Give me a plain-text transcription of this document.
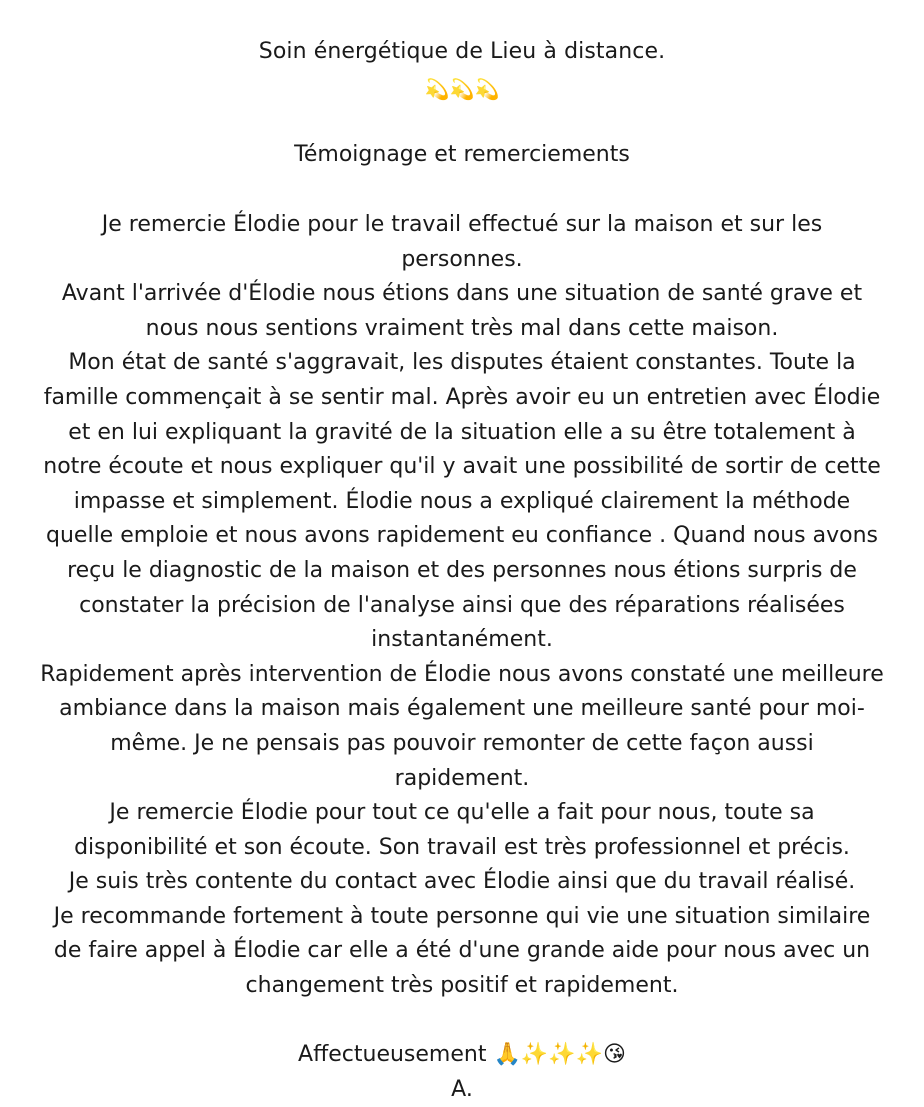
Soin énergétique de Lieu à distance.
💫💫💫
Témoignage et remerciements
Je remercie Élodie pour le travail effectué sur la maison et sur les personnes.
Avant l'arrivée d'Élodie nous étions dans une situation de santé grave et nous nous sentions vraiment très mal dans cette maison.
Mon état de santé s'aggravait, les disputes étaient constantes. Toute la famille commençait à se sentir mal. Après avoir eu un entretien avec Élodie et en lui expliquant la gravité de la situation elle a su être totalement à notre écoute et nous expliquer qu'il y avait une possibilité de sortir de cette impasse et simplement. Élodie nous a expliqué clairement la méthode quelle emploie et nous avons rapidement eu confiance . Quand nous avons reçu le diagnostic de la maison et des personnes nous étions surpris de constater la précision de l'analyse ainsi que des réparations réalisées instantanément.
Rapidement après intervention de Élodie nous avons constaté une meilleure ambiance dans la maison mais également une meilleure santé pour moi-même. Je ne pensais pas pouvoir remonter de cette façon aussi rapidement.
Je remercie Élodie pour tout ce qu'elle a fait pour nous, toute sa disponibilité et son écoute. Son travail est très professionnel et précis.
Je suis très contente du contact avec Élodie ainsi que du travail réalisé.
Je recommande fortement à toute personne qui vie une situation similaire de faire appel à Élodie car elle a été d'une grande aide pour nous avec un changement très positif et rapidement.
Affectueusement 🙏✨✨✨😘
A.
